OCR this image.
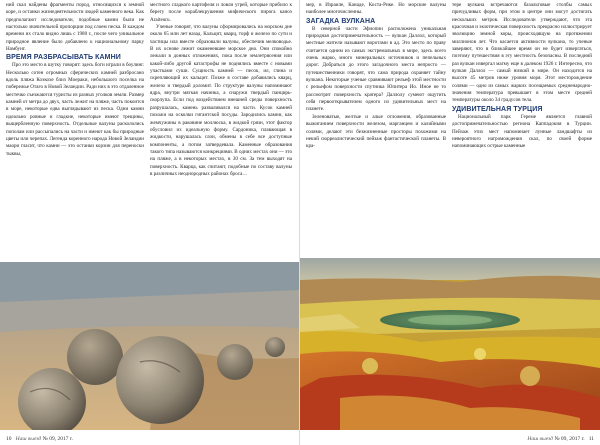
ний скал найдены фрагменты пород, относящихся к земной коре, и останки жизнедеятельности людей каменного века. Как предполагают исследователи, подобные камни были не настолько значительной пропорции под слоем песка. В каждом времени их стало видно лишь с 1980 г., после чего уникальное природное явление было добавлено к национальному парку Намбунг.

ВРЕМЯ РАЗБРАСЫВАТЬ КАМНИ

Про это место в шутку говорят: здесь боги играли в боулинг. Несколько сотен огромных сферических камней разбросано вдоль пляжа Коэкохе близ Моераки, небольшого поселка на побережье Отаго в Новой Зеландии. Ради них в это отдаленное местечко съезжаются туристы из разных уголков земли. Размер камней от метра до двух, часть лежит на пляже, часть покоится в море, некоторые едва выглядывают из песка. Одни камни идеально ровные и гладкие, некоторые имеют трещины, выщербленную поверхность. Отдельные валуны раскололись пополам или рассыпались на части и имеют как бы природные цветы или черепах. Легенда коренного народа Новой Зеландии маори гласит, что камни — это останки корзин для переноски тыквы,

местного сладкого картофеля и ловли угрей, которые прибило к берегу после кораблекрушения мифического пирога каноэ Araiteuru.

Ученые говорят, что валуны сформировались на морском дне около 65 млн лет назад. Кальцит, кварц, торф и железо по сути и частицы ила вместе образовали валуны, обеспечив мелководье. В их основе лежит окаменевшее морское дно. Они спокойно лежали в донных отложениях, пока после землетрясения или какой-либо другой катастрофы не поднялись вместе с новыми участками суши. Сущность камней — песок, ил, глина и скрепляющий их кальцит. Позже в составе добавились кварц, железо и твердый доломит. По структуре валуны напоминают ядра, внутри мягкая начинка, а снаружи твердый панцирь-скорлупа. Если под воздействием внешней среды поверхность разрушалась, камень разваливался на части. Кусок камней похожи на осколки гигантской посуды. Зародились камни, как жемчужины в раковине моллюска, в жидкой грязи, этот фактор обусловил их идеальную форму. Сардоника, плавающая в жидкости, нарушалась слои, обмены в себе все доступные компоненты, а потом затвердевала. Каменные образования такого типа называются конкрециями. В одних местах они — это на пляже, а в некоторых местах, в 30 см. За тем выходят на поверхность. Кварца, как считают, подобные по составу валуны в различных неоднородных районах броса…

10 Наш выезд № 09, 2017 г.

мер, в Израиле, Канаде, Коста-Рике. Но морские валуны наиболее многочисленны.

ЗАГАДКА ВУЛКАНА

В северной части Эфиопии расположена уникальная природная достопримечательность — вулкан Даллол, который местные жители называют воротами в ад. Это место по праву считается одним из самых экстремальных в мире, здесь всего очень жарко, много минеральных источников и пепельных дорог. Добраться до этого загадочного места непросто — путешественники говорят, что сама природа охраняет тайну вулкана. Некоторые ученые сравнивают рельеф этой местности с рельефом поверхности спутника Юпитера Ио. Иное не то рассмотрит поверхность кратера? Даллолу сумеют ощутить себя первооткрывателем одного из удивительных мест на планете.

Зеленоватые, желтые и алые отложения, образованные выжиганием поверхности железом, марганцем и калийными солями, делают эти безжизненные просторы похожими на некий сюрреалистический пейзаж фантастической планеты. В кра-

тере вулкана встречаются базальтовые столбы самых причудливых форм, при этом в центре они могут достигать нескольких метров. Исследователи утверждают, что эта красочная и экзотическая поверхность прекрасно иллюстрирует эволюцию земной коры, происходящую на протяжении миллионов лет. Что касается активности вулкана, то ученые заверяют, что в ближайшее время он не будет извергаться, поэтому путешествия в эту местность безопасны. В последний раз вулкан извергал магму еще в далеком 1926 г. Интересно, что вулкан Даллол — самый низкий в мире. Он находится на высоте 45 метров ниже уровня моря. Этот месторождение солями — одно из самых жарких посещаемых средненародно-значения температура превышает в этом месте средней температуры около 34 градусов тела.

УДИВИТЕЛЬНАЯ ТУРЦИЯ

Национальный парк Гереме является главной достопримечательностью региона Каппадокия в Турции. Пейзаж этих мест напоминает лунные ландшафты из невероятного нагромождения скал, по своей форме напоминающих острые каменные

Наш выезд № 09, 2017 г. 11
